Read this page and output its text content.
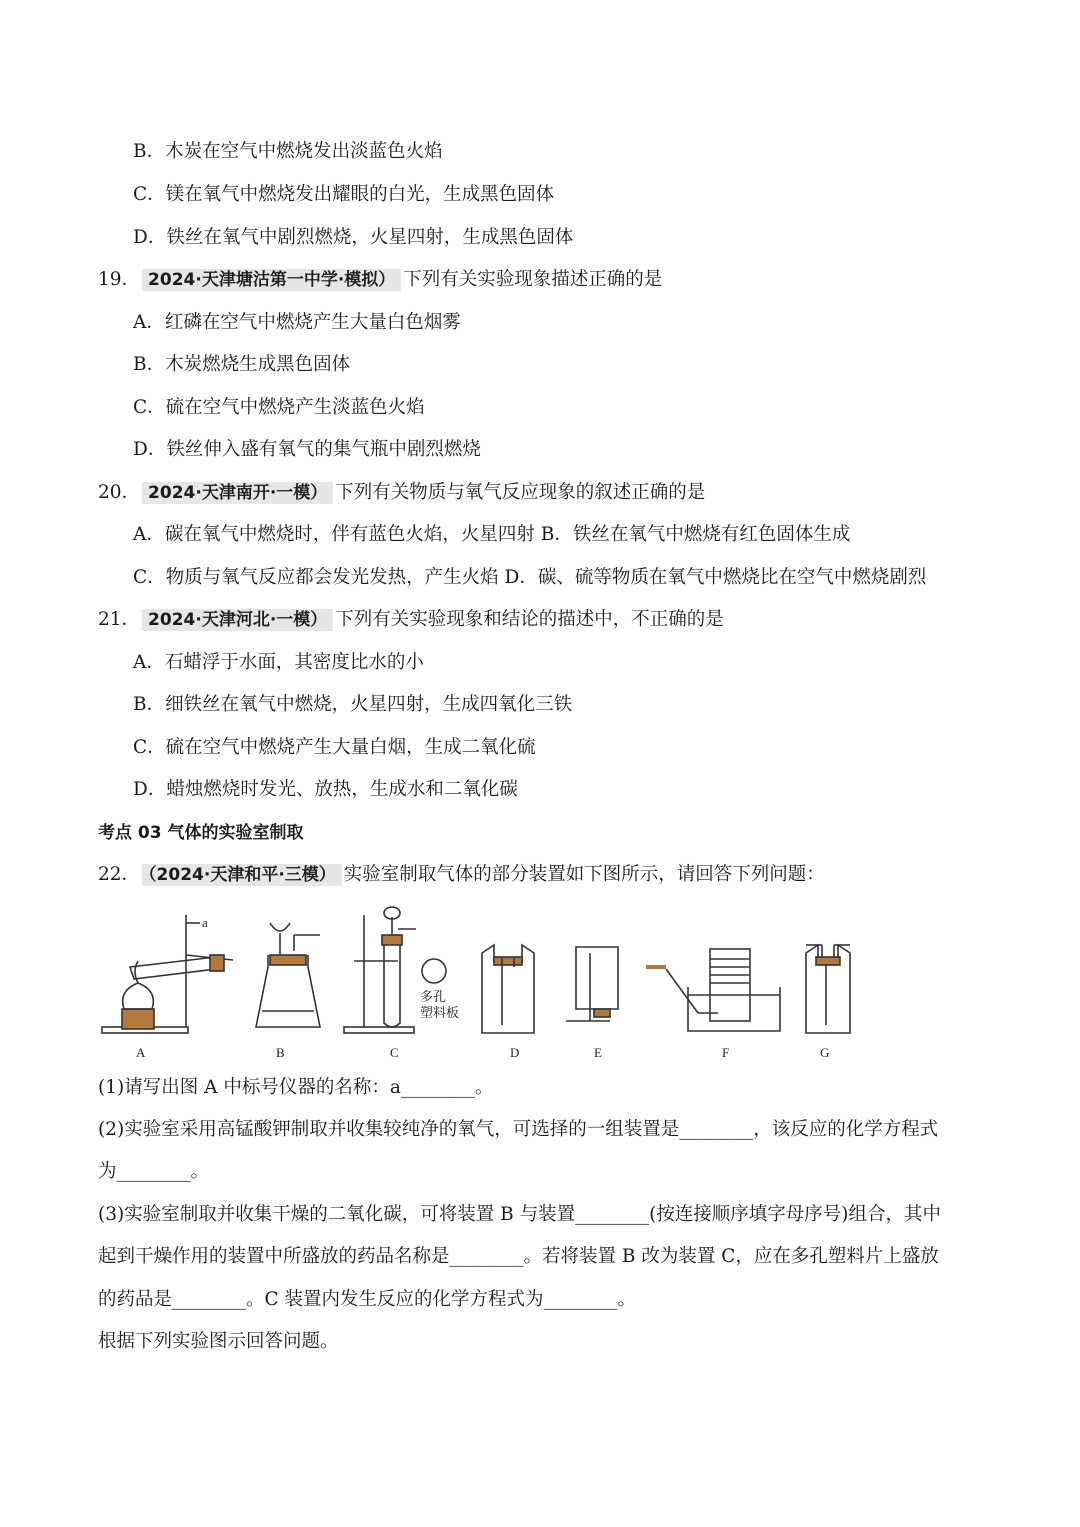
B．木炭在空气中燃烧发出淡蓝色火焰
C．镁在氧气中燃烧发出耀眼的白光，生成黑色固体
D．铁丝在氧气中剧烈燃烧，火星四射，生成黑色固体
19． 2024·天津塘沽第一中学·模拟） 下列有关实验现象描述正确的是
A．红磷在空气中燃烧产生大量白色烟雾
B．木炭燃烧生成黑色固体
C．硫在空气中燃烧产生淡蓝色火焰
D．铁丝伸入盛有氧气的集气瓶中剧烈燃烧
20． 2024·天津南开·一模） 下列有关物质与氧气反应现象的叙述正确的是
A．碳在氧气中燃烧时，伴有蓝色火焰，火星四射 B．铁丝在氧气中燃烧有红色固体生成
C．物质与氧气反应都会发光发热，产生火焰 D．碳、硫等物质在氧气中燃烧比在空气中燃烧剧烈
21． 2024·天津河北·一模） 下列有关实验现象和结论的描述中，不正确的是
A．石蜡浮于水面，其密度比水的小
B．细铁丝在氧气中燃烧，火星四射，生成四氧化三铁
C．硫在空气中燃烧产生大量白烟，生成二氧化硫
D．蜡烛燃烧时发光、放热，生成水和二氧化碳
考点 03 气体的实验室制取
22． （2024·天津和平·三模） 实验室制取气体的部分装置如下图所示，请回答下列问题：
a
多孔
塑料板
A	B	C	D	E	F	G
(1)请写出图 A 中标号仪器的名称：a________。
(2)实验室采用高锰酸钾制取并收集较纯净的氧气，可选择的一组装置是________，该反应的化学方程式
为________。
(3)实验室制取并收集干燥的二氧化碳，可将装置 B 与装置________(按连接顺序填字母序号)组合，其中
起到干燥作用的装置中所盛放的药品名称是________。若将装置 B 改为装置 C，应在多孔塑料片上盛放
的药品是________。C 装置内发生反应的化学方程式为________。
根据下列实验图示回答问题。
